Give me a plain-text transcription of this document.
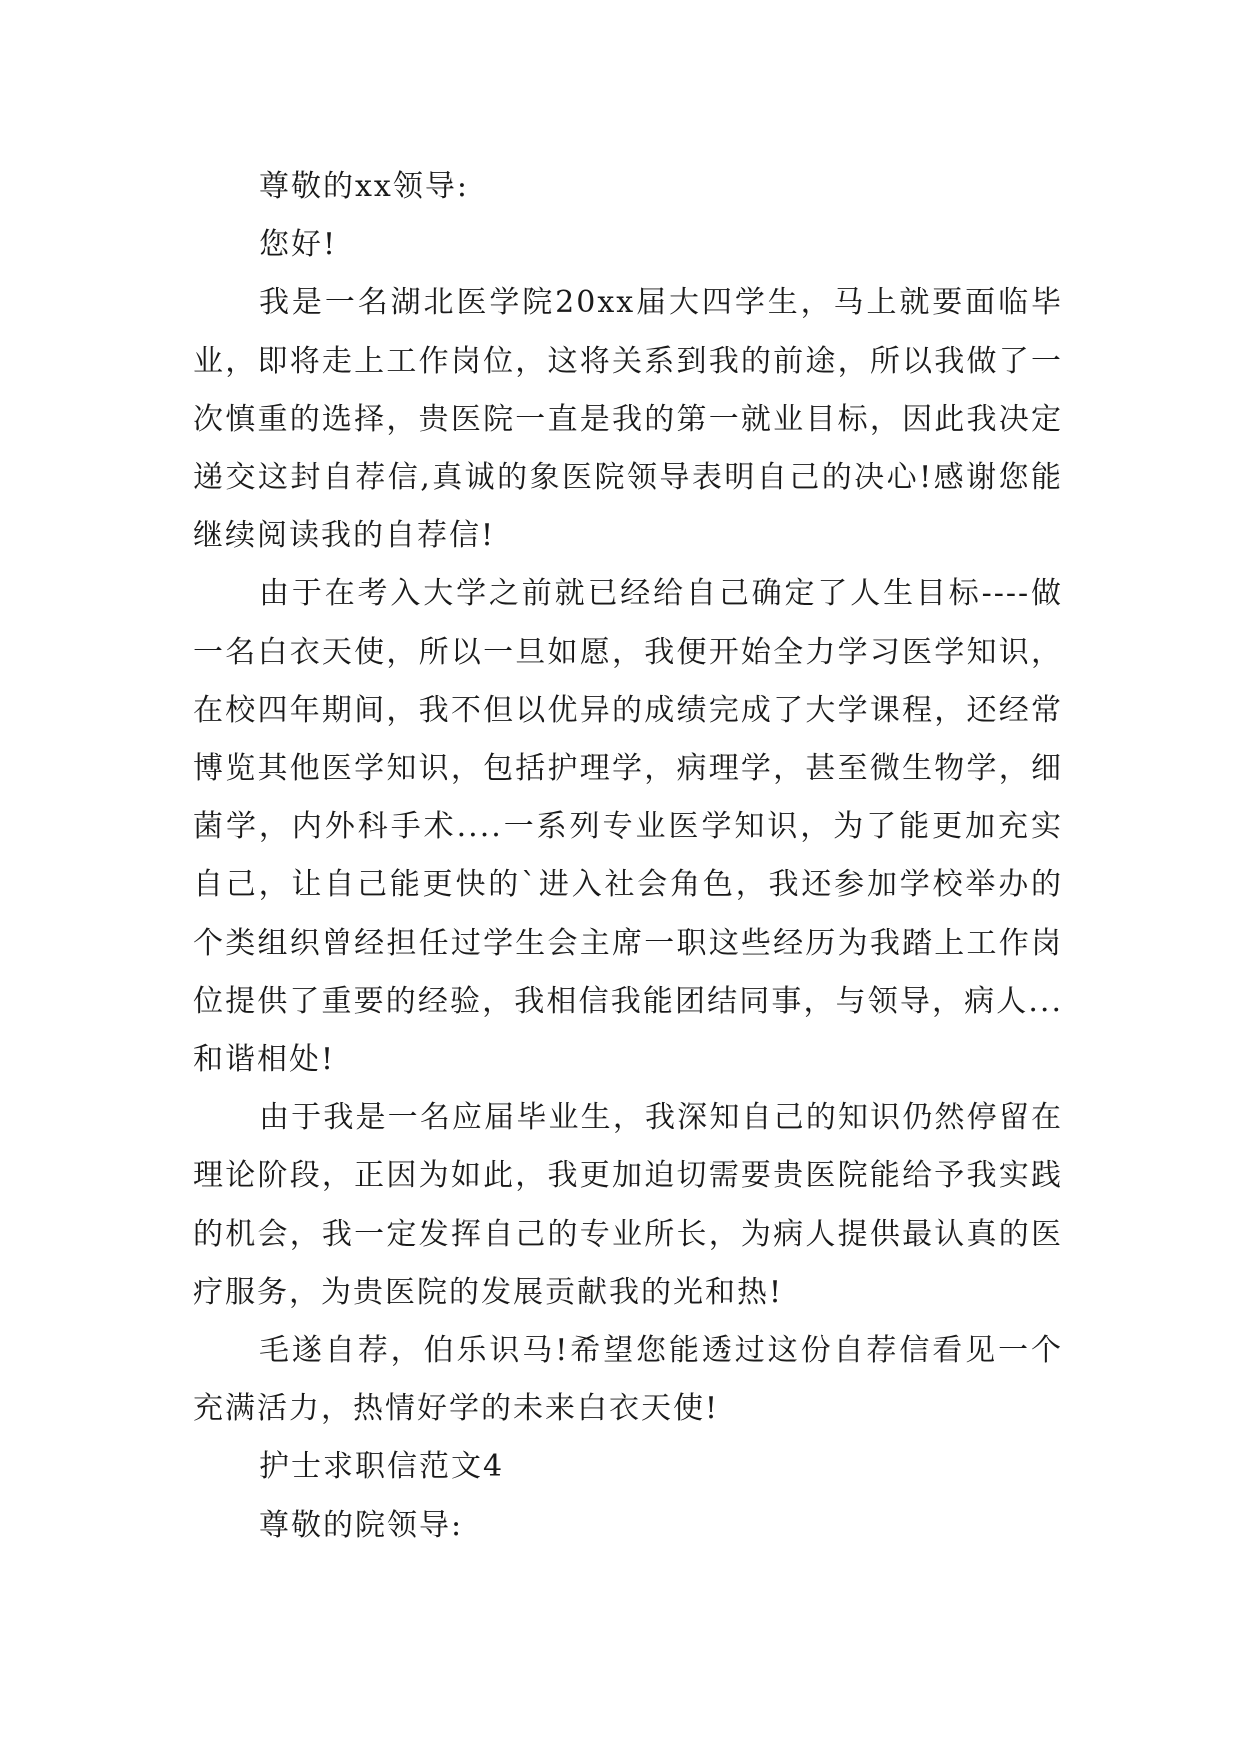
尊敬的xx领导:

您好!

我是一名湖北医学院20xx届大四学生，马上就要面临毕业，即将走上工作岗位，这将关系到我的前途，所以我做了一次慎重的选择，贵医院一直是我的第一就业目标，因此我决定递交这封自荐信,真诚的象医院领导表明自己的决心!感谢您能继续阅读我的自荐信!

由于在考入大学之前就已经给自己确定了人生目标----做一名白衣天使，所以一旦如愿，我便开始全力学习医学知识，在校四年期间，我不但以优异的成绩完成了大学课程，还经常博览其他医学知识，包括护理学，病理学，甚至微生物学，细菌学，内外科手术....一系列专业医学知识，为了能更加充实自己，让自己能更快的`进入社会角色，我还参加学校举办的个类组织曾经担任过学生会主席一职这些经历为我踏上工作岗位提供了重要的经验，我相信我能团结同事，与领导，病人...和谐相处!

由于我是一名应届毕业生，我深知自己的知识仍然停留在理论阶段，正因为如此，我更加迫切需要贵医院能给予我实践的机会，我一定发挥自己的专业所长，为病人提供最认真的医疗服务，为贵医院的发展贡献我的光和热!

毛遂自荐，伯乐识马!希望您能透过这份自荐信看见一个充满活力，热情好学的未来白衣天使!

护士求职信范文4

尊敬的院领导:
